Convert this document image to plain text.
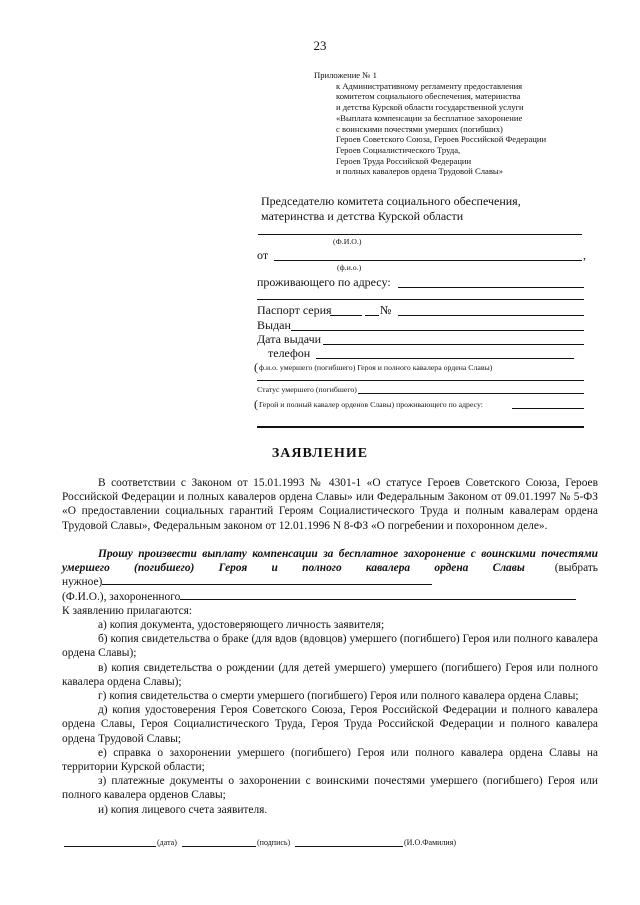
23
Приложение № 1
к Административному регламенту предоставления
комитетом социального обеспечения, материнства
и детства Курской области государственной услуги
«Выплата компенсации за бесплатное захоронение
с воинскими почестями умерших (погибших)
Героев Советского Союза, Героев Российской Федерации
Героев Социалистического Труда,
Героев Труда Российской Федерации
и полных кавалеров ордена Трудовой Славы»
Председателю комитета социального обеспечения,
материнства и детства Курской области
(Ф.И.О.)
от	,
(ф.и.о.)
проживающего по адресу:
Паспорт серия	№
Выдан
Дата выдачи
телефон
( ф.и.о. умершего (погибшего) Героя и полного кавалера ордена Славы)
Статус умершего (погибшего)
( Герой и полный кавалер орденов Славы) проживающего по адресу:
ЗАЯВЛЕНИЕ

В соответствии с Законом от 15.01.1993 № 4301-1 «О статусе Героев Советского Союза, Героев Российской Федерации и полных кавалеров ордена Славы» или Федеральным Законом от 09.01.1997 № 5-ФЗ «О предоставлении социальных гарантий Героям Социалистического Труда и полным кавалерам ордена Трудовой Славы», Федеральным законом от 12.01.1996 N 8-ФЗ «О погребении и похоронном деле».

Прошу произвести выплату компенсации за бесплатное захоронение с воинскими почестями

умершего (погибшего) Героя и полного кавалера ордена Славы	(выбрать
нужное)
(Ф.И.О.), захороненного
К заявлению прилагаются:

а) копия документа, удостоверяющего личность заявителя;

б) копия свидетельства о браке (для вдов (вдовцов) умершего (погибшего) Героя или полного кавалера ордена Славы);

в) копия свидетельства о рождении (для детей умершего) умершего (погибшего) Героя или полного кавалера ордена Славы);

г) копия свидетельства о смерти умершего (погибшего) Героя или полного кавалера ордена Славы;

д) копия удостоверения Героя Советского Союза, Героя Российской Федерации и полного кавалера ордена Славы, Героя Социалистического Труда, Героя Труда Российской Федерации и полного кавалера ордена Трудовой Славы;

е) справка о захоронении умершего (погибшего) Героя или полного кавалера ордена Славы на территории Курской области;

з) платежные документы о захоронении с воинскими почестями умершего (погибшего) Героя или полного кавалера орденов Славы;

и) копия лицевого счета заявителя.

(дата)	(подпись)	(И.О.Фамилия)
